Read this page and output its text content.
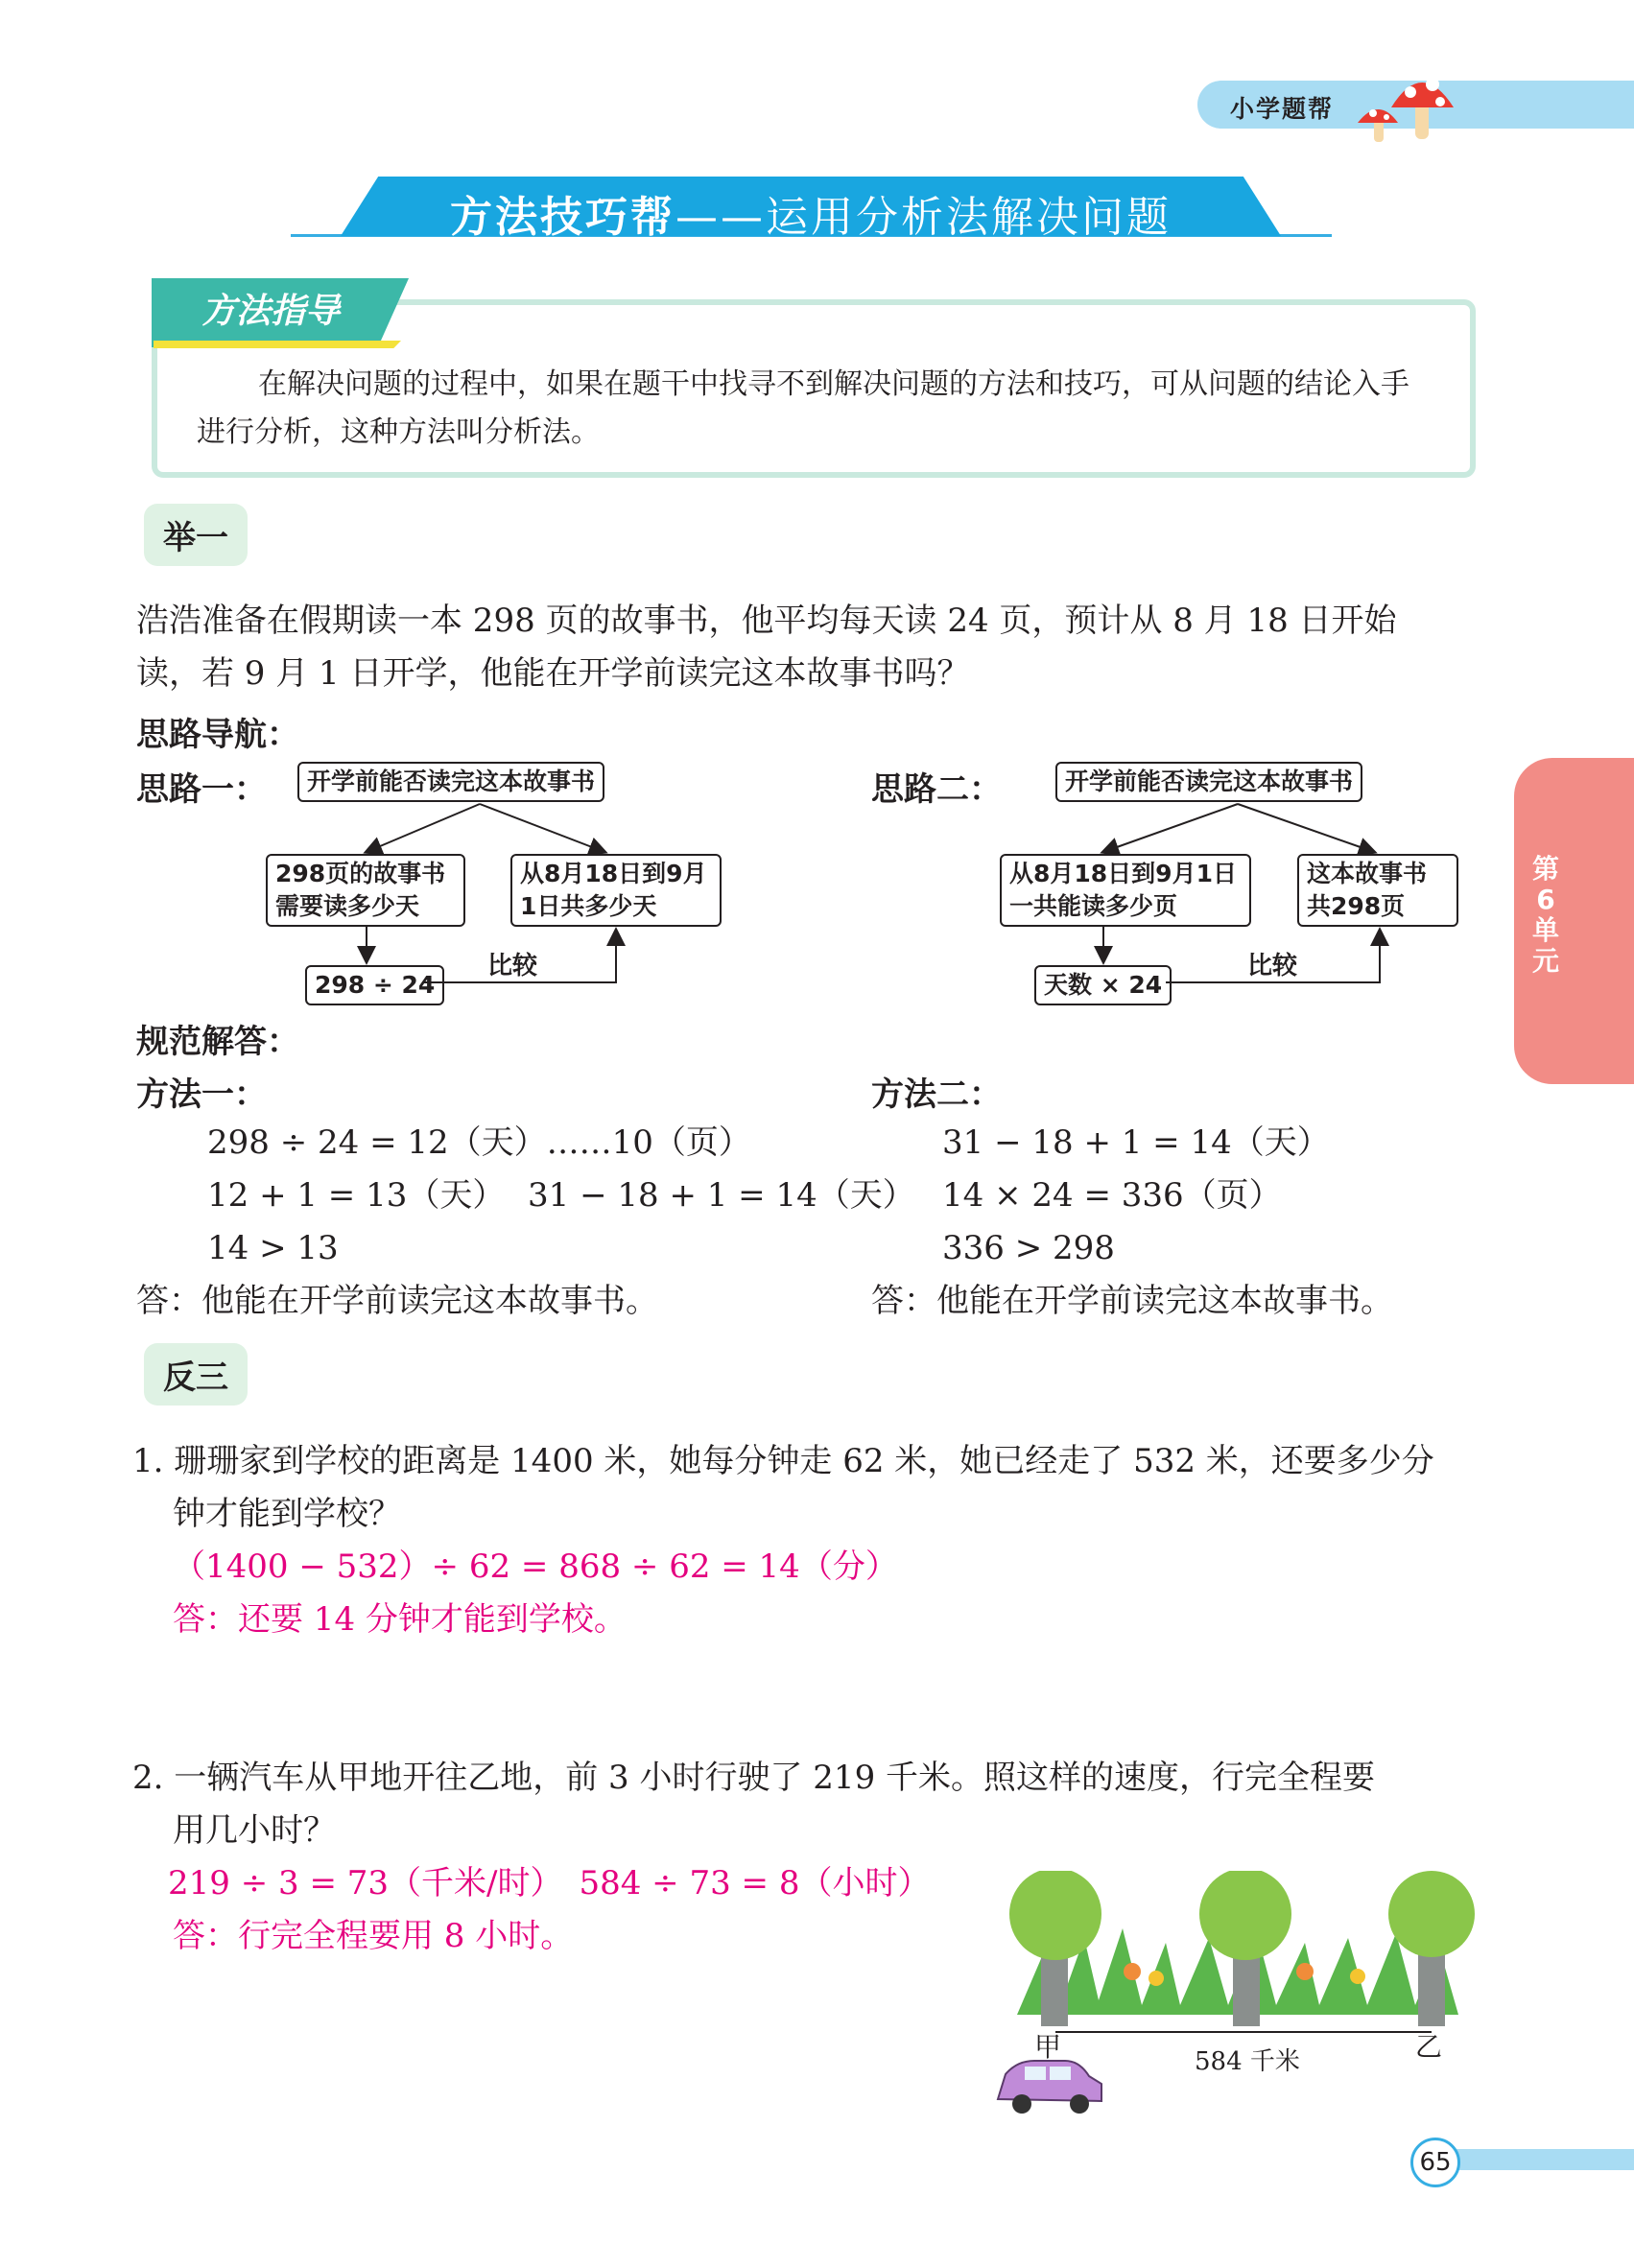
小学题帮
方法技巧帮——运用分析法解决问题
方法指导
在解决问题的过程中，如果在题干中找寻不到解决问题的方法和技巧，可从问题的结论入手进行分析，这种方法叫分析法。
举一
浩浩准备在假期读一本 298 页的故事书，他平均每天读 24 页，预计从 8 月 18 日开始
读，若 9 月 1 日开学，他能在开学前读完这本故事书吗？
思路导航：
思路一：	开学前能否读完这本故事书
298页的故事书
需要读多少天
从8月18日到9月
1日共多少天
298 ÷ 24
比较
思路二：	开学前能否读完这本故事书
从8月18日到9月1日
一共能读多少页
这本故事书
共298页
天数 × 24
比较
规范解答：
方法一：
298 ÷ 24 = 12（天）……10（页）
12 + 1 = 13（天） 31 − 18 + 1 = 14（天）
14 > 13
答：他能在开学前读完这本故事书。
方法二：
31 − 18 + 1 = 14（天）
14 × 24 = 336（页）
336 > 298
答：他能在开学前读完这本故事书。
反三
1. 珊珊家到学校的距离是 1400 米，她每分钟走 62 米，她已经走了 532 米，还要多少分
钟才能到学校？
（1400 − 532）÷ 62 = 868 ÷ 62 = 14（分）
答：还要 14 分钟才能到学校。
2. 一辆汽车从甲地开往乙地，前 3 小时行驶了 219 千米。照这样的速度，行完全程要
用几小时？
219 ÷ 3 = 73（千米/时）　584 ÷ 73 = 8（小时）
答：行完全程要用 8 小时。
甲	乙
584 千米
第6单元
65
